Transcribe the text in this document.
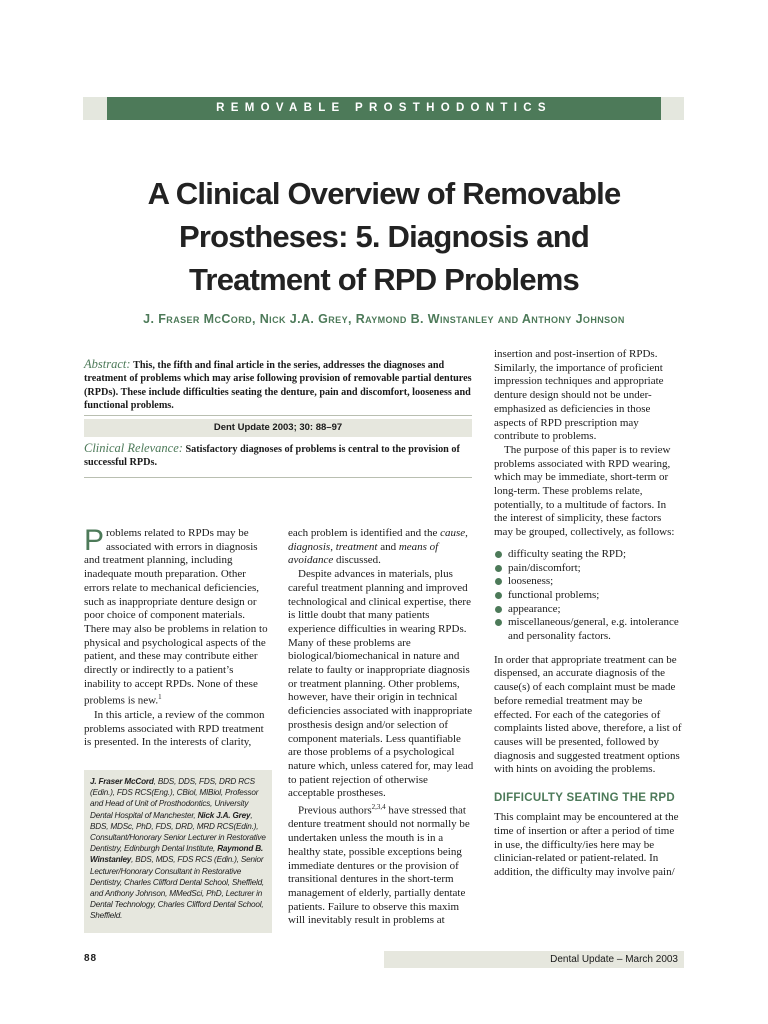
REMOVABLE PROSTHODONTICS
A Clinical Overview of Removable
Prostheses: 5. Diagnosis and
Treatment of RPD Problems
J. Fraser McCord, Nick J.A. Grey, Raymond B. Winstanley and Anthony Johnson
Abstract: This, the fifth and final article in the series, addresses the diagnoses and treatment of problems which may arise following provision of removable partial dentures (RPDs). These include difficulties seating the denture, pain and discomfort, looseness and functional problems.
Dent Update 2003; 30: 88–97
Clinical Relevance: Satisfactory diagnoses of problems is central to the provision of successful RPDs.

Problems related to RPDs may be associated with errors in diagnosis and treatment planning, including inadequate mouth preparation. Other errors relate to mechanical deficiencies, such as inappropriate denture design or poor choice of component materials. There may also be problems in relation to physical and psychological aspects of the patient, and these may contribute either directly or indirectly to a patient’s inability to accept RPDs. None of these problems is new.$^1$

In this article, a review of the common problems associated with RPD treatment is presented. In the interests of clarity,

J. Fraser McCord, BDS, DDS, FDS, DRD RCS (Edin.), FDS RCS(Eng.), CBiol, MIBiol, Professor and Head of Unit of Prosthodontics, University Dental Hospital of Manchester, Nick J.A. Grey, BDS, MDSc, PhD, FDS, DRD, MRD RCS(Edin.), Consultant/Honorary Senior Lecturer in Restorative Dentistry, Edinburgh Dental Institute, Raymond B. Winstanley, BDS, MDS, FDS RCS (Edin.), Senior Lecturer/Honorary Consultant in Restorative Dentistry, Charles Clifford Dental School, Sheffield, and Anthony Johnson, MMedSci, PhD, Lecturer in Dental Technology, Charles Clifford Dental School, Sheffield.

each problem is identified and the cause, diagnosis, treatment and means of avoidance discussed.

Despite advances in materials, plus careful treatment planning and improved technological and clinical expertise, there is little doubt that many patients experience difficulties in wearing RPDs. Many of these problems are biological/biomechanical in nature and relate to faulty or inappropriate diagnosis or treatment planning. Other problems, however, have their origin in technical deficiencies associated with inappropriate prosthesis design and/or selection of component materials. Less quantifiable are those problems of a psychological nature which, unless catered for, may lead to patient rejection of otherwise acceptable prostheses.

Previous authors$^{2,3,4}$ have stressed that denture treatment should not normally be undertaken unless the mouth is in a healthy state, possible exceptions being immediate dentures or the provision of transitional dentures in the short-term management of elderly, partially dentate patients. Failure to observe this maxim will inevitably result in problems at

insertion and post-insertion of RPDs. Similarly, the importance of proficient impression techniques and appropriate denture design should not be under-emphasized as deficiencies in those aspects of RPD prescription may contribute to problems.

The purpose of this paper is to review problems associated with RPD wearing, which may be immediate, short-term or long-term. These problems relate, potentially, to a multitude of factors. In the interest of simplicity, these factors may be grouped, collectively, as follows:

difficulty seating the RPD;
pain/discomfort;
looseness;
functional problems;
appearance;
miscellaneous/general, e.g. intolerance and personality factors.

In order that appropriate treatment can be dispensed, an accurate diagnosis of the cause(s) of each complaint must be made before remedial treatment may be effected. For each of the categories of complaints listed above, therefore, a list of causes will be presented, followed by diagnosis and suggested treatment options with hints on avoiding the problems.

DIFFICULTY SEATING THE RPD

This complaint may be encountered at the time of insertion or after a period of time in use, the difficulty/ies here may be clinician-related or patient-related. In addition, the difficulty may involve pain/

88	Dental Update – March 2003
